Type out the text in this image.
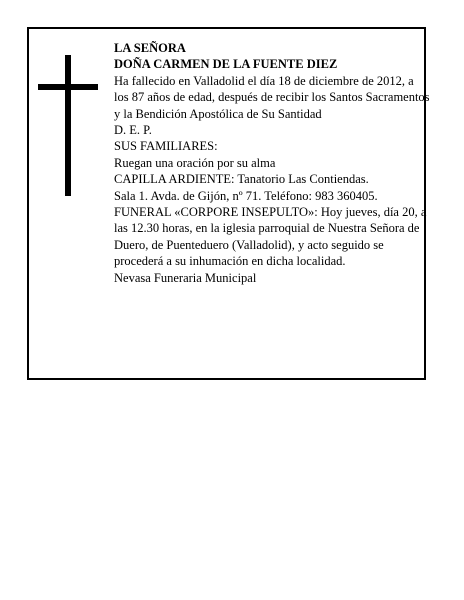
LA SEÑORA

DOÑA CARMEN DE LA FUENTE DIEZ

Ha fallecido en Valladolid el día 18 de diciembre de 2012, a los 87 años de edad, después de recibir los Santos Sacramentos y la Bendición Apostólica de Su Santidad

D. E. P.

SUS FAMILIARES:

Ruegan una oración por su alma

CAPILLA ARDIENTE: Tanatorio Las Contiendas.

Sala 1. Avda. de Gijón, nº 71. Teléfono: 983 360405.

FUNERAL «CORPORE INSEPULTO»: Hoy jueves, día 20, a las 12.30 horas, en la iglesia parroquial de Nuestra Señora de Duero, de Puenteduero (Valladolid), y acto seguido se procederá a su inhumación en dicha localidad.

Nevasa Funeraria Municipal
